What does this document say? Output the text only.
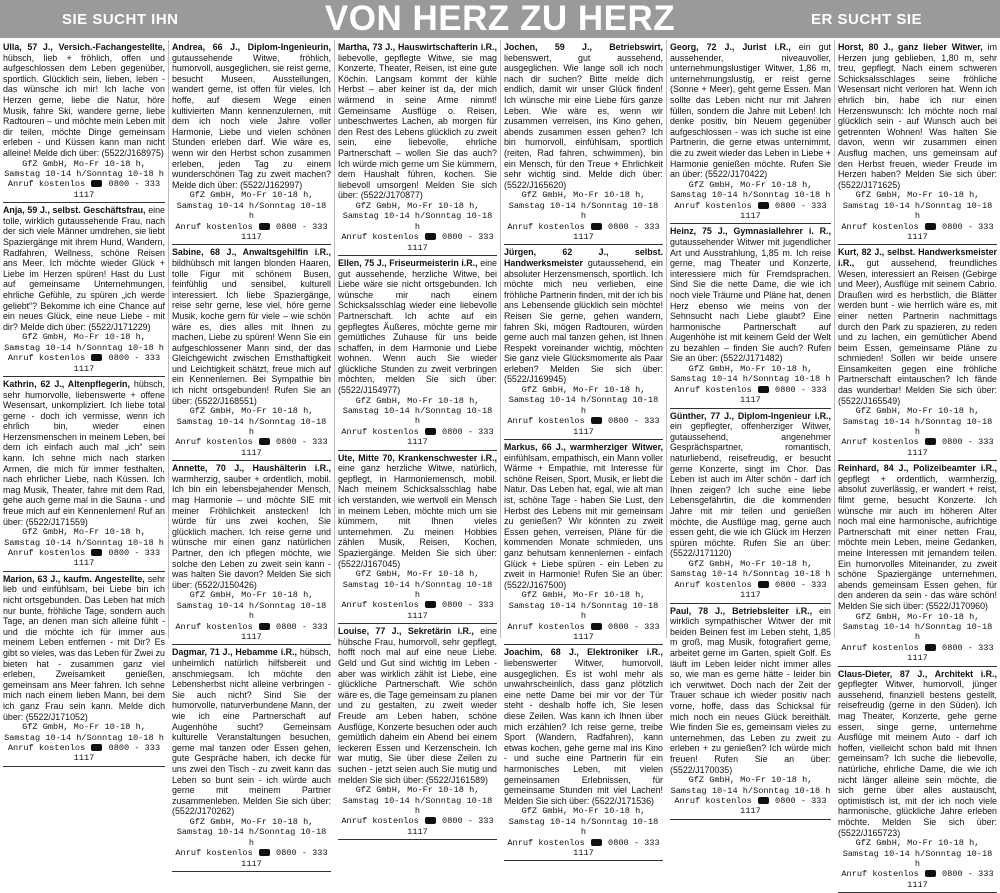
SIE SUCHT IHN	VON HERZ ZU HERZ	ER SUCHT SIE
Ulla, 57 J., Versich.-Fachangestellte, hübsch, lieb + fröhlich, offen und aufgeschlossen dem Leben gegenüber, sportlich. Glücklich sein, lieben, leben - das wünsche ich mir! Ich lache von Herzen gerne, liebe die Natur, höre Musik, fahre Ski, wandere gerne, liebe Radtouren – und möchte mein Leben mit dir teilen, möchte Dinge gemeinsam erleben - und Küssen kann man nicht alleine! Melde dich über: (5522/J168975)
GfZ GmbH, Mo-Fr 10-18 h,
Samstag 10-14 h/Sonntag 10-18 h
Anruf kostenlos  0800 - 333 1117
Anja, 59 J., selbst. Geschäftsfrau, eine tolle, wirklich gutaussehende Frau, nach der sich viele Männer umdrehen, sie liebt Spaziergänge mit ihrem Hund, Wandern, Radfahren, Wellness, schöne Reisen ans Meer. Ich möchte wieder Glück + Liebe im Herzen spüren! Hast du Lust auf gemeinsame Unternehmungen, ehrliche Gefühle, zu spüren „ich werde geliebt“? Bekomme ich eine Chance auf ein neues Glück, eine neue Liebe - mit dir? Melde dich über: (5522/J171229)
GfZ GmbH, Mo-Fr 10-18 h,
Samstag 10-14 h/Sonntag 10-18 h
Anruf kostenlos  0800 - 333 1117
Kathrin, 62 J., Altenpflegerin, hübsch, sehr humorvolle, liebenswerte + offene Wesensart, unkompliziert. Ich liebe total gerne - doch ich vermisse, wenn ich ehrlich bin, wieder einen Herzensmenschen in meinem Leben, bei dem ich einfach auch mal „ich“ sein kann. Ich sehne mich nach starken Armen, die mich für immer festhalten, nach ehrlicher Liebe, nach Küssen. Ich mag Musik, Theater, fahre mit dem Rad, gehe auch gerne mal in die Sauna - und freue mich auf ein Kennenlernen! Ruf an über: (5522/J171559)
GfZ GmbH, Mo-Fr 10-18 h,
Samstag 10-14 h/Sonntag 10-18 h
Anruf kostenlos  0800 - 333 1117
Marion, 63 J., kaufm. Angestellte, sehr lieb und einfühlsam, bei Liebe bin ich nicht ortsgebunden. Das Leben hat mich nur bunte, fröhliche Tage, sondern auch Tage, an denen man sich alleine fühlt - und die möchte ich für immer aus meinem Leben entfernen - mit Dir? Es gibt so vieles, was das Leben für Zwei zu bieten hat - zusammen ganz viel erleben, Zweisamkeit genießen, gemeinsam ans Meer fahren. Ich sehne mich nach einem lieben Mann, bei dem ich ganz Frau sein kann. Melde dich über: (5522/J171052)
GfZ GmbH, Mo-Fr 10-18 h,
Samstag 10-14 h/Sonntag 10-18 h
Anruf kostenlos  0800 - 333 1117
Andrea, 66 J., Diplom-Ingenieurin, gutaussehende Witwe, fröhlich, humorvoll, ausgeglichen, sie reist gerne, besucht Museen, Ausstellungen, wandert gerne, ist offen für vieles. Ich hoffe, auf diesem Wege einen kultivierten Mann kennenzulernen, mit dem ich noch viele Jahre voller Harmonie, Liebe und vielen schönen Stunden erleben darf. Wie wäre es, wenn wir den Herbst schon zusammen erleben, jeden Tag zu einem wunderschönen Tag zu zweit machen? Melde dich über: (5522/J162997)
GfZ GmbH, Mo-Fr 10-18 h,
Samstag 10-14 h/Sonntag 10-18 h
Anruf kostenlos  0800 - 333 1117
Sabine, 68 J., Anwaltsgehilfin i.R., bildhübsch mit langen blonden Haaren, tolle Figur mit schönem Busen, feinfühlig und sensibel, kulturell interessiert. Ich liebe Spaziergänge, reise sehr gerne, lese viel, höre gerne Musik, koche gern für viele – wie schön wäre es, dies alles mit Ihnen zu machen, Liebe zu spüren! Wenn Sie ein aufgeschlossener Mann sind, der das Gleichgewicht zwischen Ernsthaftigkeit und Leichtigkeit schätzt, freue mich auf ein Kennenlernen. Bei Sympathie bin ich nicht ortsgebunden! Rufen Sie an über: (5522/J168551)
GfZ GmbH, Mo-Fr 10-18 h,
Samstag 10-14 h/Sonntag 10-18 h
Anruf kostenlos  0800 - 333 1117
Annette, 70 J., Haushälterin i.R., warmherzig, sauber + ordentlich, mobil. Ich bin ein lebensbejahender Mensch, mag Harmonie – und möchte SIE mit meiner Fröhlichkeit anstecken! Ich würde für uns zwei kochen, Sie glücklich machen. Ich reise gerne und wünsche mir einen ganz natürlichen Partner, den ich pflegen möchte, wie solche den Leben zu zweit sein kann - was halten Sie davon? Melden Sie sich über: (5522/J150426)
GfZ GmbH, Mo-Fr 10-18 h,
Samstag 10-14 h/Sonntag 10-18 h
Anruf kostenlos  0800 - 333 1117
Dagmar, 71 J., Hebamme i.R., hübsch, unheimlich natürlich hilfsbereit und anschmiegsam. Ich möchte den Lebensherbst nicht alleine verbringen - Sie auch nicht? Sind Sie der humorvolle, naturverbundene Mann, der wie ich eine Partnerschaft auf Augenhöhe sucht? Gemeinsam kulturelle Veranstaltungen besuchen, gerne mal tanzen oder Essen gehen, gute Gespräche haben, ich decke für uns zwei den Tisch - zu zweit kann das Leben so bunt sein - ich würde auch gerne mit meinem Partner zusammenleben. Melden Sie sich über: (5522/J170262)
GfZ GmbH, Mo-Fr 10-18 h,
Samstag 10-14 h/Sonntag 10-18 h
Anruf kostenlos  0800 - 333 1117
Martha, 73 J., Hauswirtschafterin i.R., liebevolle, gepflegte Witwe, sie mag Konzerte, Theater, Reisen, ist eine gute Köchin. Langsam kommt der kühle Herbst – aber keiner ist da, der mich wärmend in seine Arme nimmt! Gemeinsame Ausflüge o. Reisen, unbeschwertes Lachen, ab morgen für den Rest des Lebens glücklich zu zweit sein, eine liebevolle, ehrliche Partnerschaft – wollen Sie das auch? Ich würde mich gerne um Sie kümmern, dem Haushalt führen, kochen. Sie liebevoll umsorgen! Melden Sie sich über: (5522/J170877)
GfZ GmbH, Mo-Fr 10-18 h,
Samstag 10-14 h/Sonntag 10-18 h
Anruf kostenlos  0800 - 333 1117
Ellen, 75 J., Friseurmeisterin i.R., eine gut aussehende, herzliche Witwe, bei Liebe wäre sie nicht ortsgebunden. Ich wünsche mir nach einem Schicksalsschlag wieder eine liebevolle Partnerschaft. Ich achte auf ein gepflegtes Äußeres, möchte gerne mir gemütliches Zuhause für uns beide schaffen, in dem Harmonie und Liebe wohnen. Wenn auch Sie wieder glückliche Stunden zu zweit verbringen möchten, melden Sie sich über: (5522/J154977)
GfZ GmbH, Mo-Fr 10-18 h,
Samstag 10-14 h/Sonntag 10-18 h
Anruf kostenlos  0800 - 333 1117
Ute, Mitte 70, Krankenschwester i.R., eine ganz herzliche Witwe, natürlich, gepflegt, in Harmoniemensch, mobil. Nach meinem Schicksalsschlag habe ich verstanden, wie wertvoll ein Mensch in meinem Leben, möchte mich um sie kümmern, mit Ihnen vieles unternehmen. Zu meinen Hobbies zählen Musik, Reisen, Kochen, Spaziergänge. Melden Sie sich über: (5522/J167045)
GfZ GmbH, Mo-Fr 10-18 h,
Samstag 10-14 h/Sonntag 10-18 h
Anruf kostenlos  0800 - 333 1117
Louise, 77 J., Sekretärin i.R., eine hübsche Frau, humorvoll, sehr gepflegt, hofft noch mal auf eine neue Liebe. Geld und Gut sind wichtig im Leben - aber was wirklich zählt ist Liebe, eine glückliche Partnerschaft. Wie schön wäre es, die Tage gemeinsam zu planen und zu gestalten, zu zweit wieder Freude am Leben haben, schöne Ausflüge, Konzerte besuchen oder auch gemütlich daheim ein Abend bei einem leckeren Essen und Kerzenschein. Ich war mutig, Sie über diese Zeilen zu suchen - jetzt seien auch Sie mutig und melden Sie sich über: (5522/J161589)
GfZ GmbH, Mo-Fr 10-18 h,
Samstag 10-14 h/Sonntag 10-18 h
Anruf kostenlos  0800 - 333 1117
Jochen, 59 J., Betriebswirt, liebenswert, gut aussehend, ausgeglichen. Wie lange soll ich noch nach dir suchen? Bitte melde dich endlich, damit wir unser Glück finden! Ich wünsche mir eine Liebe fürs ganze Leben. Wie wäre es, wenn wir zusammen verreisen, ins Kino gehen, abends zusammen essen gehen? Ich bin humorvoll, einfühlsam, sportlich (reiten, Rad fahren, schwimmen), bin ein Mensch, für den Treue + Ehrlichkeit sehr wichtig sind. Melde dich über: (5522/J165620)
GfZ GmbH, Mo-Fr 10-18 h,
Samstag 10-14 h/Sonntag 10-18 h
Anruf kostenlos  0800 - 333 1117
Jürgen, 62 J., selbst. Handwerksmeister gutaussehend, ein absoluter Herzensmensch, sportlich. Ich möchte mich neu verlieben, eine fröhliche Partnerin finden, mit der ich bis ans Lebensende glücklich sein möchte! Reisen Sie gerne, gehen wandern, fahren Ski, mögen Radtouren, würden gerne auch mal tanzen gehen, ist Ihnen Respekt voreinander wichtig, möchten Sie ganz viele Glücksmomente als Paar erleben? Melden Sie sich über: (5522/J169945)
GfZ GmbH, Mo-Fr 10-18 h,
Samstag 10-14 h/Sonntag 10-18 h
Anruf kostenlos  0800 - 333 1117
Markus, 66 J., warmherziger Witwer, einfühlsam, empathisch, ein Mann voller Wärme + Empathie, mit Interesse für schöne Reisen, Sport, Musik, er liebt die Natur. Das Leben hat, egal, wie alt man ist, schöne Tage - haben Sie Lust, den Herbst des Lebens mit mir gemeinsam zu genießen? Wir könnten zu zweit Essen gehen, verreisen, Pläne für die kommenden Monate schmieden, uns ganz behutsam kennenlernen - einfach Glück + Liebe spüren - ein Leben zu zweit in Harmonie! Rufen Sie an über: (5522/J167500)
GfZ GmbH, Mo-Fr 10-18 h,
Samstag 10-14 h/Sonntag 10-18 h
Anruf kostenlos  0800 - 333 1117
Joachim, 68 J., Elektroniker i.R., liebenswerter Witwer, humorvoll, ausgeglichen. Es ist wohl mehr als unwahrscheinlich, dass ganz plötzlich eine nette Dame bei mir vor der Tür steht - deshalb hoffe ich, Sie lesen diese Zeilen. Was kann ich Ihnen über mich erzählen? Ich reise gerne, treibe Sport (Wandern, Radfahren), kann etwas kochen, gehe gerne mal ins Kino - und suche eine Partnerin für ein harmonisches Leben, mit vielen gemeinsamen Erlebnissen, für gemeinsame Stunden mit viel Lachen! Melden Sie sich über: (5522/J171536)
GfZ GmbH, Mo-Fr 10-18 h,
Samstag 10-14 h/Sonntag 10-18 h
Anruf kostenlos  0800 - 333 1117
Georg, 72 J., Jurist i.R., ein gut aussehender, niveauvoller, unternehmungslustiger Witwer, 1,86 m, unternehmungslustig, er reist gerne (Sonne + Meer), geht gerne Essen. Man sollte das Leben nicht nur mit Jahren füllen, sondern die Jahre mit Leben! Ich denke positiv, bin Neuem gegenüber aufgeschlossen - was ich suche ist eine Partnerin, die gerne etwas unternimmt, die zu zweit wieder das Leben in Liebe + Harmonie genießen möchte. Rufen Sie an über: (5522/J170422)
GfZ GmbH, Mo-Fr 10-18 h,
Samstag 10-14 h/Sonntag 10-18 h
Anruf kostenlos  0800 - 333 1117
Heinz, 75 J., Gymnasiallehrer i. R., gutaussehender Witwer mit jugendlicher Art und Ausstrahlung, 1,85 m. Ich reise gerne, mag Theater und Konzerte, interessiere mich für Fremdsprachen. Sind Sie die nette Dame, die wie ich noch viele Träume und Pläne hat, denen Herz ebenso wie meins von der Sehnsucht nach Liebe glaubt? Eine harmonische Partnerschaft auf Augenhöhe ist mit keinem Geld der Welt zu bezahlen – finden Sie auch? Rufen Sie an über: (5522/J171482)
GfZ GmbH, Mo-Fr 10-18 h,
Samstag 10-14 h/Sonntag 10-18 h
Anruf kostenlos  0800 - 333 1117
Günther, 77 J., Diplom-Ingenieur i.R., ein gepflegter, offenherziger Witwer, gutaussehend, angenehmer Gesprächspartner, romantisch, naturliebend, reisefreudig, er besucht gerne Konzerte, singt im Chor. Das Leben ist auch im Alter schön - darf ich Ihnen zeigen? Ich suche eine liebe Lebensgefährtin, die die kommenden Jahre mit mir teilen und genießen möchte, die Ausflüge mag, gerne auch essen geht, die wie ich Glück im Herzen spüren möchte. Rufen Sie an über: (5522/J171120)
GfZ GmbH, Mo-Fr 10-18 h,
Samstag 10-14 h/Sonntag 10-18 h
Anruf kostenlos  0800 - 333 1117
Paul, 78 J., Betriebsleiter i.R., ein wirklich sympathischer Witwer der mit beiden Beinen fest im Leben steht, 1,85 m groß, mag Musik, fotografiert gerne, arbeitet gerne im Garten, spielt Golf. Es läuft im Leben leider nicht immer alles so, wie man es gerne hätte - leider bin ich verwitwet. Doch nach der Zeit der Trauer schaue ich wieder positiv nach vorne, hoffe, dass das Schicksal für mich noch ein neues Glück bereithält. Wie finden Sie es, gemeinsam vieles zu unternehmen, das Leben zu zweit zu erleben + zu genießen? Ich würde mich freuen! Rufen Sie an über: (5522/J170035)
GfZ GmbH, Mo-Fr 10-18 h,
Samstag 10-14 h/Sonntag 10-18 h
Anruf kostenlos  0800 - 333 1117
Horst, 80 J., ganz lieber Witwer, im Herzen jung geblieben, 1,80 m, sehr treu, gepflegt. Nach einem schweren Schicksalsschlages seine fröhliche Wesensart nicht verloren hat. Wenn ich ehrlich bin, habe ich nur einen Herzenswunsch: Ich möchte noch mal glücklich sein - auf Wunsch auch bei getrennten Wohnen! Was halten Sie davon, wenn wir zusammen einen Ausflug machen, uns gemeinsam auf den Herbst freuen, wieder Freude im Herzen haben? Melden Sie sich über: (5522/J171625)
GfZ GmbH, Mo-Fr 10-18 h,
Samstag 10-14 h/Sonntag 10-18 h
Anruf kostenlos  0800 - 333 1117
Kurt, 82 J., selbst. Handwerksmeister i.R., gut aussehend, freundliches Wesen, interessiert an Reisen (Gebirge und Meer), Ausflüge mit seinem Cabrio. Draußen wird es herbstlich, die Blätter werden bunt - wie herrlich wäre es, mit einer netten Partnerin nachmittags durch den Park zu spazieren, zu reden und zu lachen, ein gemütlicher Abend beim Essen, gemeinsame Pläne zu schmieden! Sollen wir beide unsere Einsamkeiten gegen eine fröhliche Partnerschaft eintauschen? Ich fände das wunderbar! Melden Sie sich über: (5522/J165549)
GfZ GmbH, Mo-Fr 10-18 h,
Samstag 10-14 h/Sonntag 10-18 h
Anruf kostenlos  0800 - 333 1117
Reinhard, 84 J., Polizeibeamter i.R., gepflegt + ordentlich, warmherzig, absolut zuverlässig, er wandert + reist, filmt gerne, besucht Konzerte. Ich wünsche mir auch im höheren Alter noch mal eine harmonische, aufrichtige Partnerschaft mit einer netten Frau, möchte mein Leben, meine Gedanken, meine Interessen mit jemandem teilen. Ein humorvolles Miteinander, zu zweit schöne Spaziergänge unternehmen, abends gemeinsam Essen gehen, für den anderen da sein - das wäre schön! Melden Sie sich über: (5522/J170960)
GfZ GmbH, Mo-Fr 10-18 h,
Samstag 10-14 h/Sonntag 10-18 h
Anruf kostenlos  0800 - 333 1117
Claus-Dieter, 87 J., Architekt i.R., gepflegter Witwer, humorvoll, jünger aussehend, finanziell bestens gestellt, reisefreudig (gerne in den Süden). Ich mag Theater, Konzerte, gehe gerne essen, singe gerne, unternehme Ausflüge mit meinem Auto - darf ich hoffen, vielleicht schon bald mit Ihnen gemeinsam? Ich suche die liebevolle, natürliche, ehrliche Dame, die wie ich nicht länger alleine sein möchte, die sich gerne über alles austauscht, optimistisch ist, mit der ich noch viele harmonische, glückliche Jahre erleben möchte. Melden Sie sich über: (5522/J165723)
GfZ GmbH, Mo-Fr 10-18 h,
Samstag 10-14 h/Sonntag 10-18 h
Anruf kostenlos  0800 - 333 1117
